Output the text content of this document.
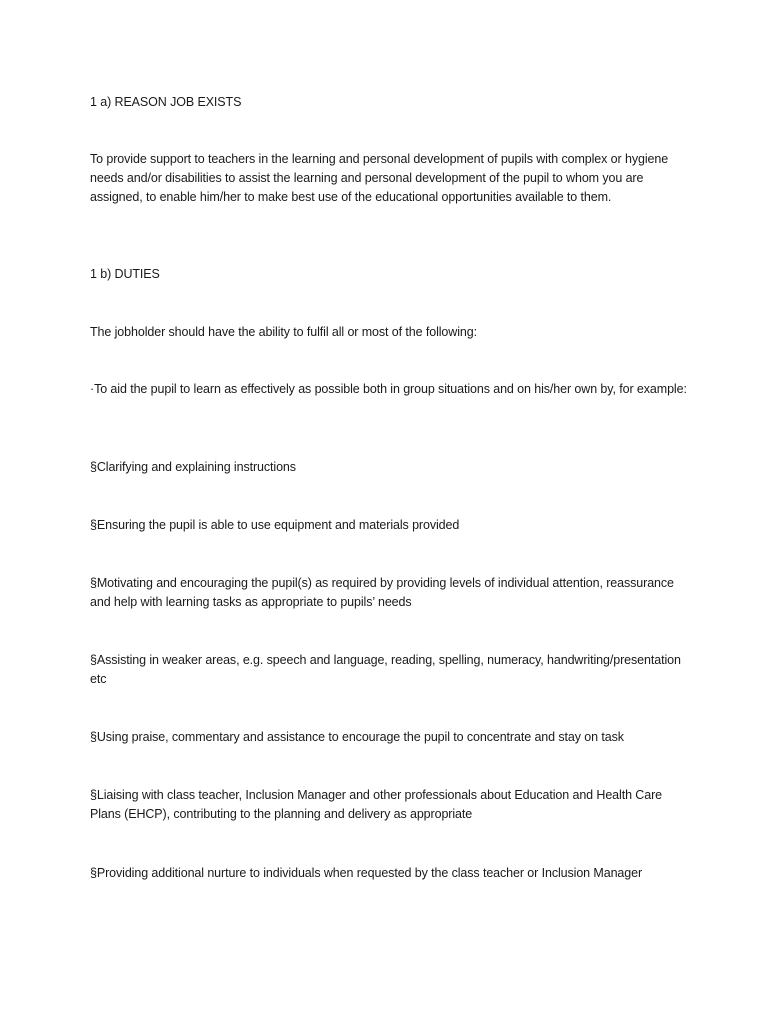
1 a) REASON JOB EXISTS

To provide support to teachers in the learning and personal development of pupils with complex or hygiene needs and/or disabilities to assist the learning and personal development of the pupil to whom you are assigned, to enable him/her to make best use of the educational opportunities available to them.

1 b) DUTIES

The jobholder should have the ability to fulfil all or most of the following:

·To aid the pupil to learn as effectively as possible both in group situations and on his/her own by, for example:

§Clarifying and explaining instructions

§Ensuring the pupil is able to use equipment and materials provided

§Motivating and encouraging the pupil(s) as required by providing levels of individual attention, reassurance and help with learning tasks as appropriate to pupils’ needs

§Assisting in weaker areas, e.g. speech and language, reading, spelling, numeracy, handwriting/presentation etc

§Using praise, commentary and assistance to encourage the pupil to concentrate and stay on task

§Liaising with class teacher, Inclusion Manager and other professionals about Education and Health Care Plans (EHCP), contributing to the planning and delivery as appropriate

§Providing additional nurture to individuals when requested by the class teacher or Inclusion Manager
